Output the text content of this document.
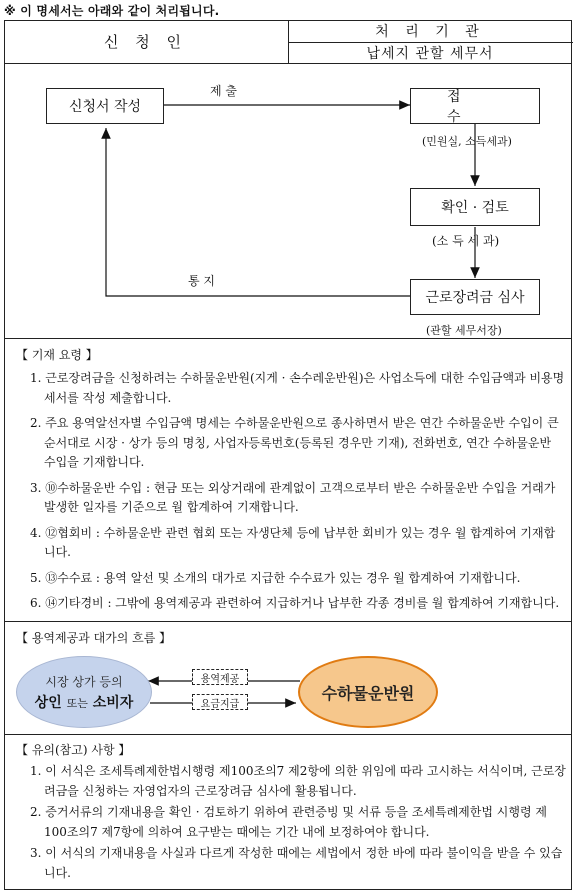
※ 이 명세서는 아래와 같이 처리됩니다.
신 청 인
처 리 기 관
납세지 관할 세무서
신청서 작성
제 출	접 수
(민원실, 소득세과)
확인 · 검토
(소 득 세 과)
통 지
근로장려금 심사
(관할 세무서장)
【 기재 요령 】

1. 근로장려금을 신청하려는 수하물운반원(지게 · 손수레운반원)은 사업소득에 대한 수입금액과 비용명세서를 작성 제출합니다.

2. 주요 용역알선자별 수입금액 명세는 수하물운반원으로 종사하면서 받은 연간 수하물운반 수입이 큰 순서대로 시장 · 상가 등의 명칭, 사업자등록번호(등록된 경우만 기재), 전화번호, 연간 수하물운반 수입을 기재합니다.

3. ⑩수하물운반 수입 : 현금 또는 외상거래에 관계없이 고객으로부터 받은 수하물운반 수입을 거래가 발생한 일자를 기준으로 월 합계하여 기재합니다.

4. ⑫협회비 : 수하물운반 관련 협회 또는 자생단체 등에 납부한 회비가 있는 경우 월 합계하여 기재합니다.

5. ⑬수수료 : 용역 알선 및 소개의 대가로 지급한 수수료가 있는 경우 월 합계하여 기재합니다.

6. ⑭기타경비 : 그밖에 용역제공과 관련하여 지급하거나 납부한 각종 경비를 월 합계하여 기재합니다.

【 용역제공과 대가의 흐름 】
시장 상가 등의
상인 또는 소비자
용역제공
요금지급
수하물운반원
【 유의(참고) 사항 】

1. 이 서식은 조세특례제한법시행령 제100조의7 제2항에 의한 위임에 따라 고시하는 서식이며, 근로장려금을 신청하는 자영업자의 근로장려금 심사에 활용됩니다.

2. 증거서류의 기재내용을 확인 · 검토하기 위하여 관련증빙 및 서류 등을 조세특례제한법 시행령 제100조의7 제7항에 의하여 요구받는 때에는 기간 내에 보정하여야 합니다.

3. 이 서식의 기재내용을 사실과 다르게 작성한 때에는 세법에서 정한 바에 따라 불이익을 받을 수 있습니다.
